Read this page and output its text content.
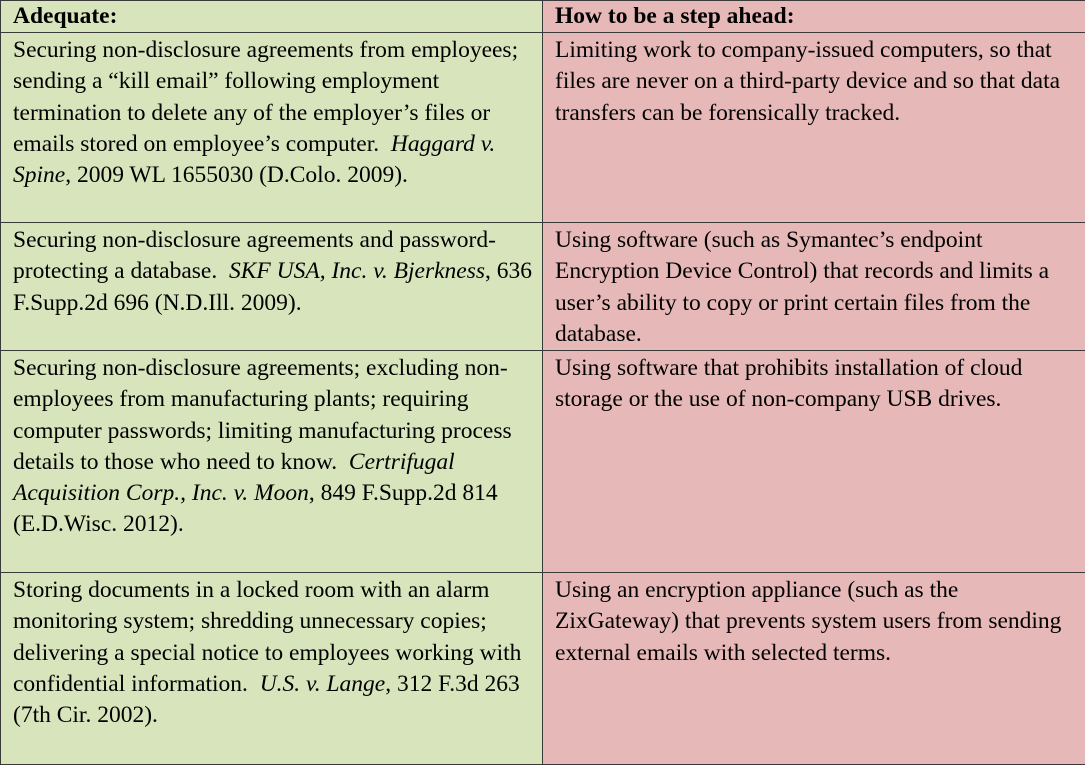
Adequate:	How to be a step ahead:
Securing non-disclosure agreements from employees; sending a “kill email” following employment termination to delete any of the employer’s files or emails stored on employee’s computer. Haggard v. Spine, 2009 WL 1655030 (D.Colo. 2009).	Limiting work to company-issued computers, so that files are never on a third-party device and so that data transfers can be forensically tracked.
Securing non-disclosure agreements and password-protecting a database. SKF USA, Inc. v. Bjerkness, 636 F.Supp.2d 696 (N.D.Ill. 2009).	Using software (such as Symantec’s endpoint Encryption Device Control) that records and limits a user’s ability to copy or print certain files from the database.
Securing non-disclosure agreements; excluding non-employees from manufacturing plants; requiring computer passwords; limiting manufacturing process details to those who need to know. Certrifugal Acquisition Corp., Inc. v. Moon, 849 F.Supp.2d 814 (E.D.Wisc. 2012).	Using software that prohibits installation of cloud storage or the use of non-company USB drives.
Storing documents in a locked room with an alarm monitoring system; shredding unnecessary copies; delivering a special notice to employees working with confidential information. U.S. v. Lange, 312 F.3d 263 (7th Cir. 2002).	Using an encryption appliance (such as the ZixGateway) that prevents system users from sending external emails with selected terms.
